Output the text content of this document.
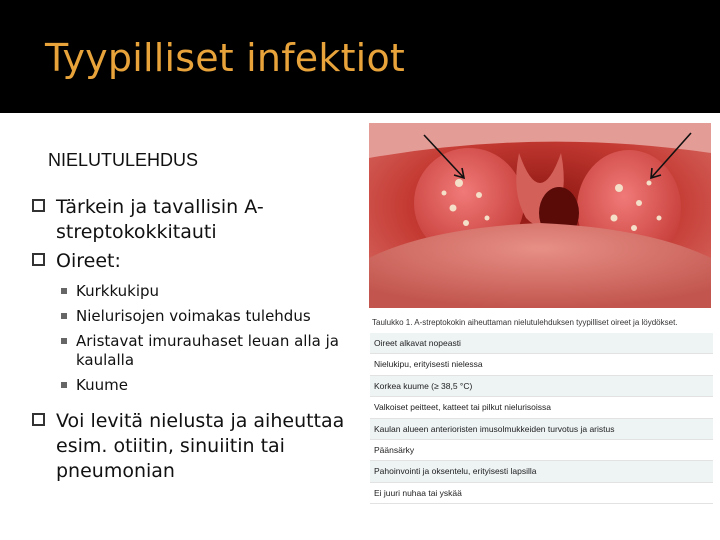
Tyypilliset infektiot
NIELUTULEHDUS
Tärkein ja tavallisin A-streptokokkitauti
Oireet:
Kurkkukipu
Nielurisojen voimakas tulehdus
Aristavat imurauhaset leuan alla ja kaulalla
Kuume
Voi levitä nielusta ja aiheuttaa esim. otiitin, sinuiitin tai pneumonian
Taulukko 1. A-streptokokin aiheuttaman nielutulehduksen tyypilliset oireet ja löydökset.
Oireet alkavat nopeasti
Nielukipu, erityisesti nielessa
Korkea kuume (≥ 38,5 °C)
Valkoiset peitteet, katteet tai pilkut nielurisoissa
Kaulan alueen anterioristen imusolmukkeiden turvotus ja aristus
Päänsärky
Pahoinvointi ja oksentelu, erityisesti lapsilla
Ei juuri nuhaa tai yskää
